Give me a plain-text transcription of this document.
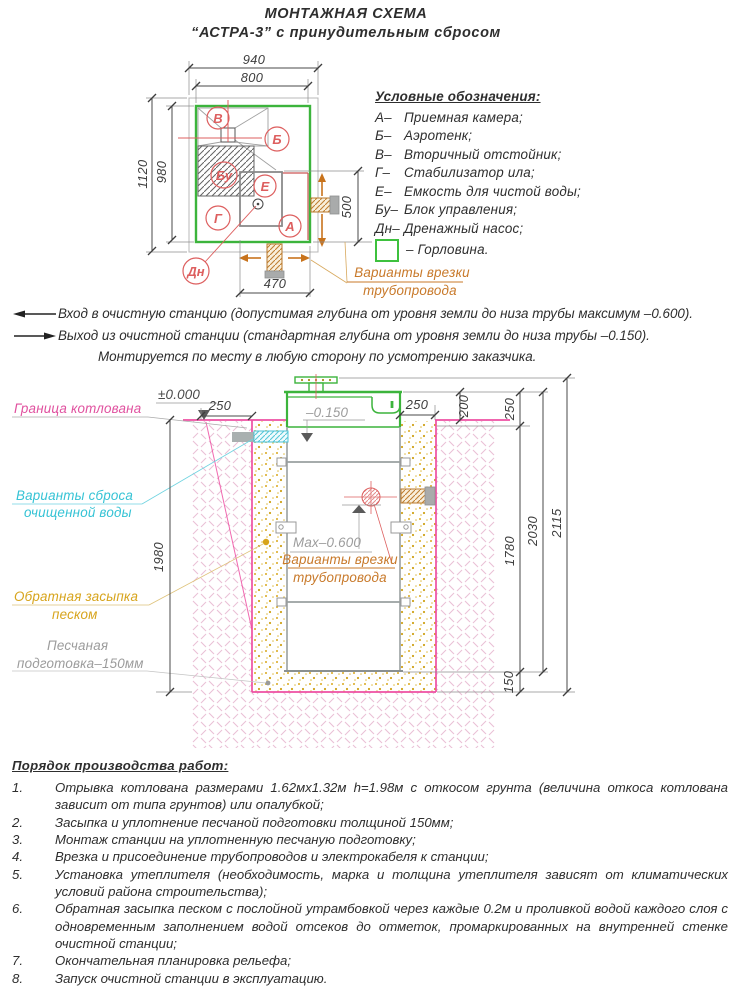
МОНТАЖНАЯ СХЕМА
“АСТРА-3” с принудительным сбросом
В
Б
Бу
Е
Г
А
Дн
940
800
1120 980
500
470
Варианты врезки
трубопровода
Условные обозначения:
А– Приемная камера;
Б– Аэротенк;
В– Вторичный отстойник;
Г–	Стабилизатор ила;
Е– Емкость для чистой воды;
Бу– Блок управления;
Дн– Дренажный насос;
– Горловина.
Вход в очистную станцию (допустимая глубина от уровня земли до низа трубы максимум –0.600).
Выход из очистной станции (стандартная глубина от уровня земли до низа трубы –0.150).
Монтируется по месту в любую сторону по усмотрению заказчика.
±0.000
–0.150
Max–0.600
Варианты врезки
трубопровода
Граница котлована
Варианты сброса
очищенной воды
Обратная засыпка
песком
Песчаная
подготовка–150мм
250	250 200 250
1780
150
2030 2115
1980
Порядок производства работ:
1.	Отрывка котлована размерами 1.62мх1.32м h=1.98м с откосом грунта (величина откоса котлована зависит от типа грунтов) или опалубкой;
2.	Засыпка и уплотнение песчаной подготовки толщиной 150мм;
3.	Монтаж станции на уплотненную песчаную подготовку;
4.	Врезка и присоединение трубопроводов и электрокабеля к станции;
5.	Установка утеплителя (необходимость, марка и толщина утеплителя зависят от климатических условий района строительства);
6.	Обратная засыпка песком с послойной утрамбовкой через каждые 0.2м и проливкой водой каждого слоя с одновременным заполнением водой отсеков до отметок, промаркированных на внутренней стенке очистной станции;
7.	Окончательная планировка рельефа;
8.	Запуск очистной станции в эксплуатацию.
